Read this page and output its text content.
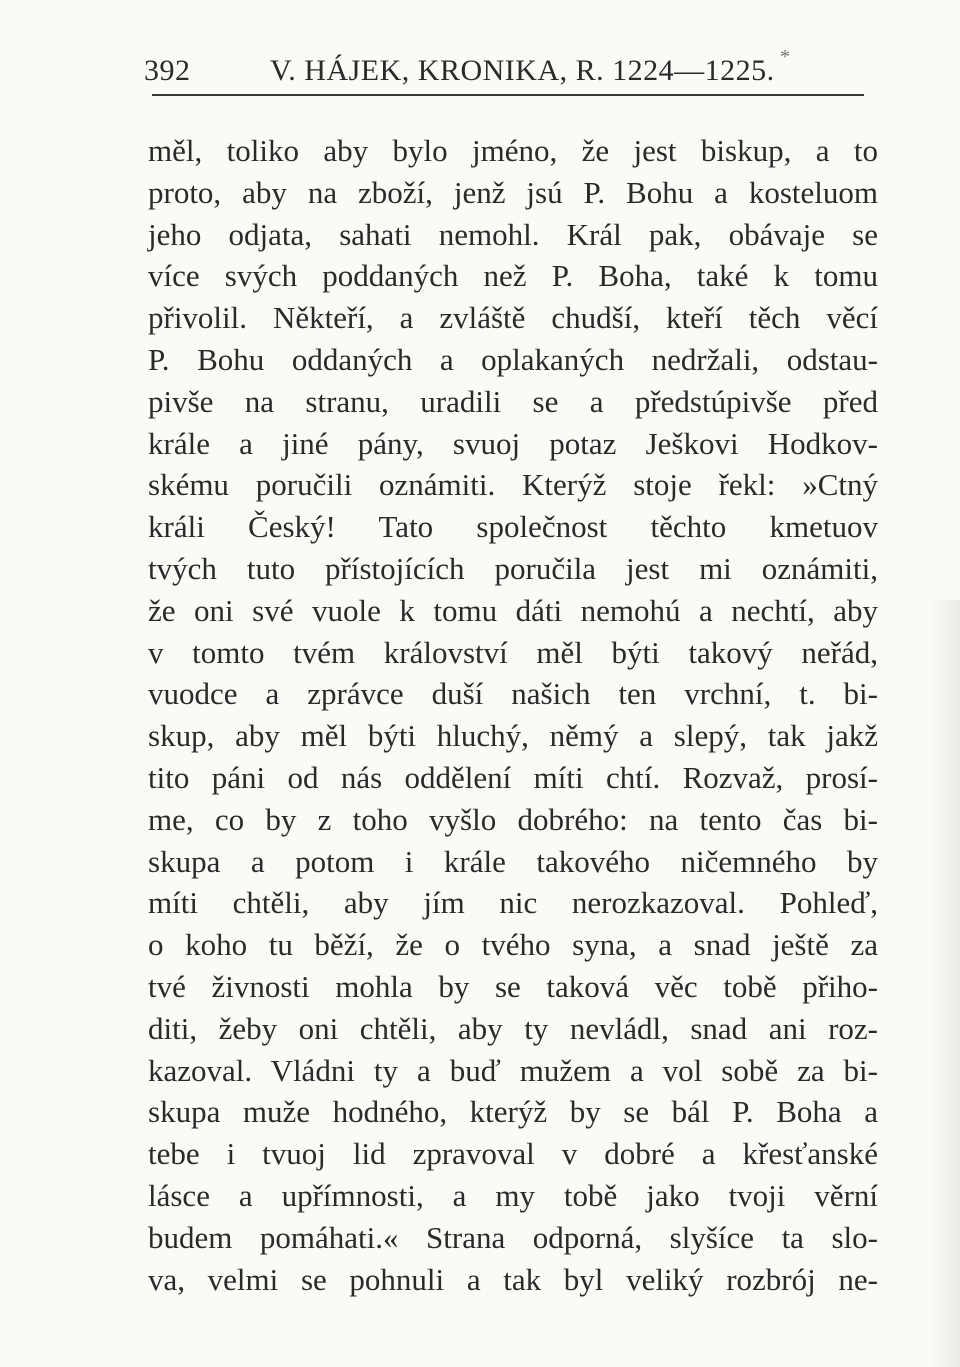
392	V. HÁJEK, KRONIKA, R. 1224—1225. *
měl, toliko aby bylo jméno, že jest biskup, a to
proto, aby na zboží, jenž jsú P. Bohu a kosteluom
jeho odjata, sahati nemohl. Král pak, obávaje se
více svých poddaných než P. Boha, také k tomu
přivolil. Někteří, a zvláště chudší, kteří těch věcí
P. Bohu oddaných a oplakaných nedržali, odstau-
pivše na stranu, uradili se a předstúpivše před
krále a jiné pány, svuoj potaz Ješkovi Hodkov-
skému poručili oznámiti. Kterýž stoje řekl: »Ctný
králi Český! Tato společnost těchto kmetuov
tvých tuto přístojících poručila jest mi oznámiti,
že oni své vuole k tomu dáti nemohú a nechtí, aby
v tomto tvém království měl býti takový neřád,
vuodce a zprávce duší našich ten vrchní, t. bi-
skup, aby měl býti hluchý, němý a slepý, tak jakž
tito páni od nás oddělení míti chtí. Rozvaž, prosí-
me, co by z toho vyšlo dobrého: na tento čas bi-
skupa a potom i krále takového ničemného by
míti chtěli, aby jím nic nerozkazoval. Pohleď,
o koho tu běží, že o tvého syna, a snad ještě za
tvé živnosti mohla by se taková věc tobě přiho-
diti, žeby oni chtěli, aby ty nevládl, snad ani roz-
kazoval. Vládni ty a buď mužem a vol sobě za bi-
skupa muže hodného, kterýž by se bál P. Boha a
tebe i tvuoj lid zpravoval v dobré a křesťanské
lásce a upřímnosti, a my tobě jako tvoji věrní
budem pomáhati.« Strana odporná, slyšíce ta slo-
va, velmi se pohnuli a tak byl veliký rozbrój ne-
